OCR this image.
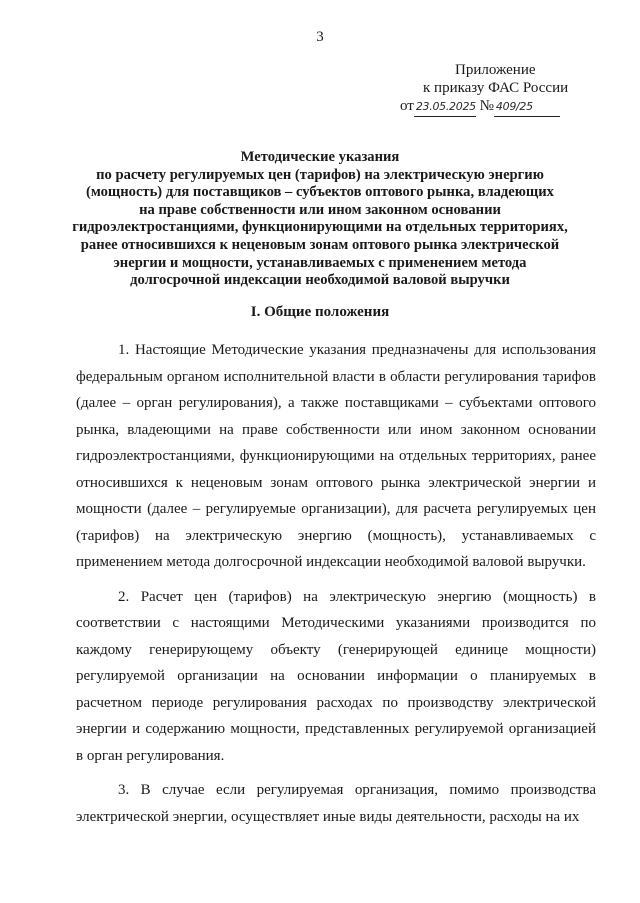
3
Приложение
к приказу ФАС России
от 23.05.2025 № 409/25
Методические указания
по расчету регулируемых цен (тарифов) на электрическую энергию
(мощность) для поставщиков – субъектов оптового рынка, владеющих
на праве собственности или ином законном основании
гидроэлектростанциями, функционирующими на отдельных территориях,
ранее относившихся к неценовым зонам оптового рынка электрической
энергии и мощности, устанавливаемых с применением метода
долгосрочной индексации необходимой валовой выручки
I. Общие положения

1. Настоящие Методические указания предназначены для использования федеральным органом исполнительной власти в области регулирования тарифов (далее – орган регулирования), а также поставщиками – субъектами оптового рынка, владеющими на праве собственности или ином законном основании гидроэлектростанциями, функционирующими на отдельных территориях, ранее относившихся к неценовым зонам оптового рынка электрической энергии и мощности (далее – регулируемые организации), для расчета регулируемых цен (тарифов) на электрическую энергию (мощность), устанавливаемых с применением метода долгосрочной индексации необходимой валовой выручки.

2. Расчет цен (тарифов) на электрическую энергию (мощность) в соответствии с настоящими Методическими указаниями производится по каждому генерирующему объекту (генерирующей единице мощности) регулируемой организации на основании информации о планируемых в расчетном периоде регулирования расходах по производству электрической энергии и содержанию мощности, представленных регулируемой организацией в орган регулирования.

3. В случае если регулируемая организация, помимо производства электрической энергии, осуществляет иные виды деятельности, расходы на их
